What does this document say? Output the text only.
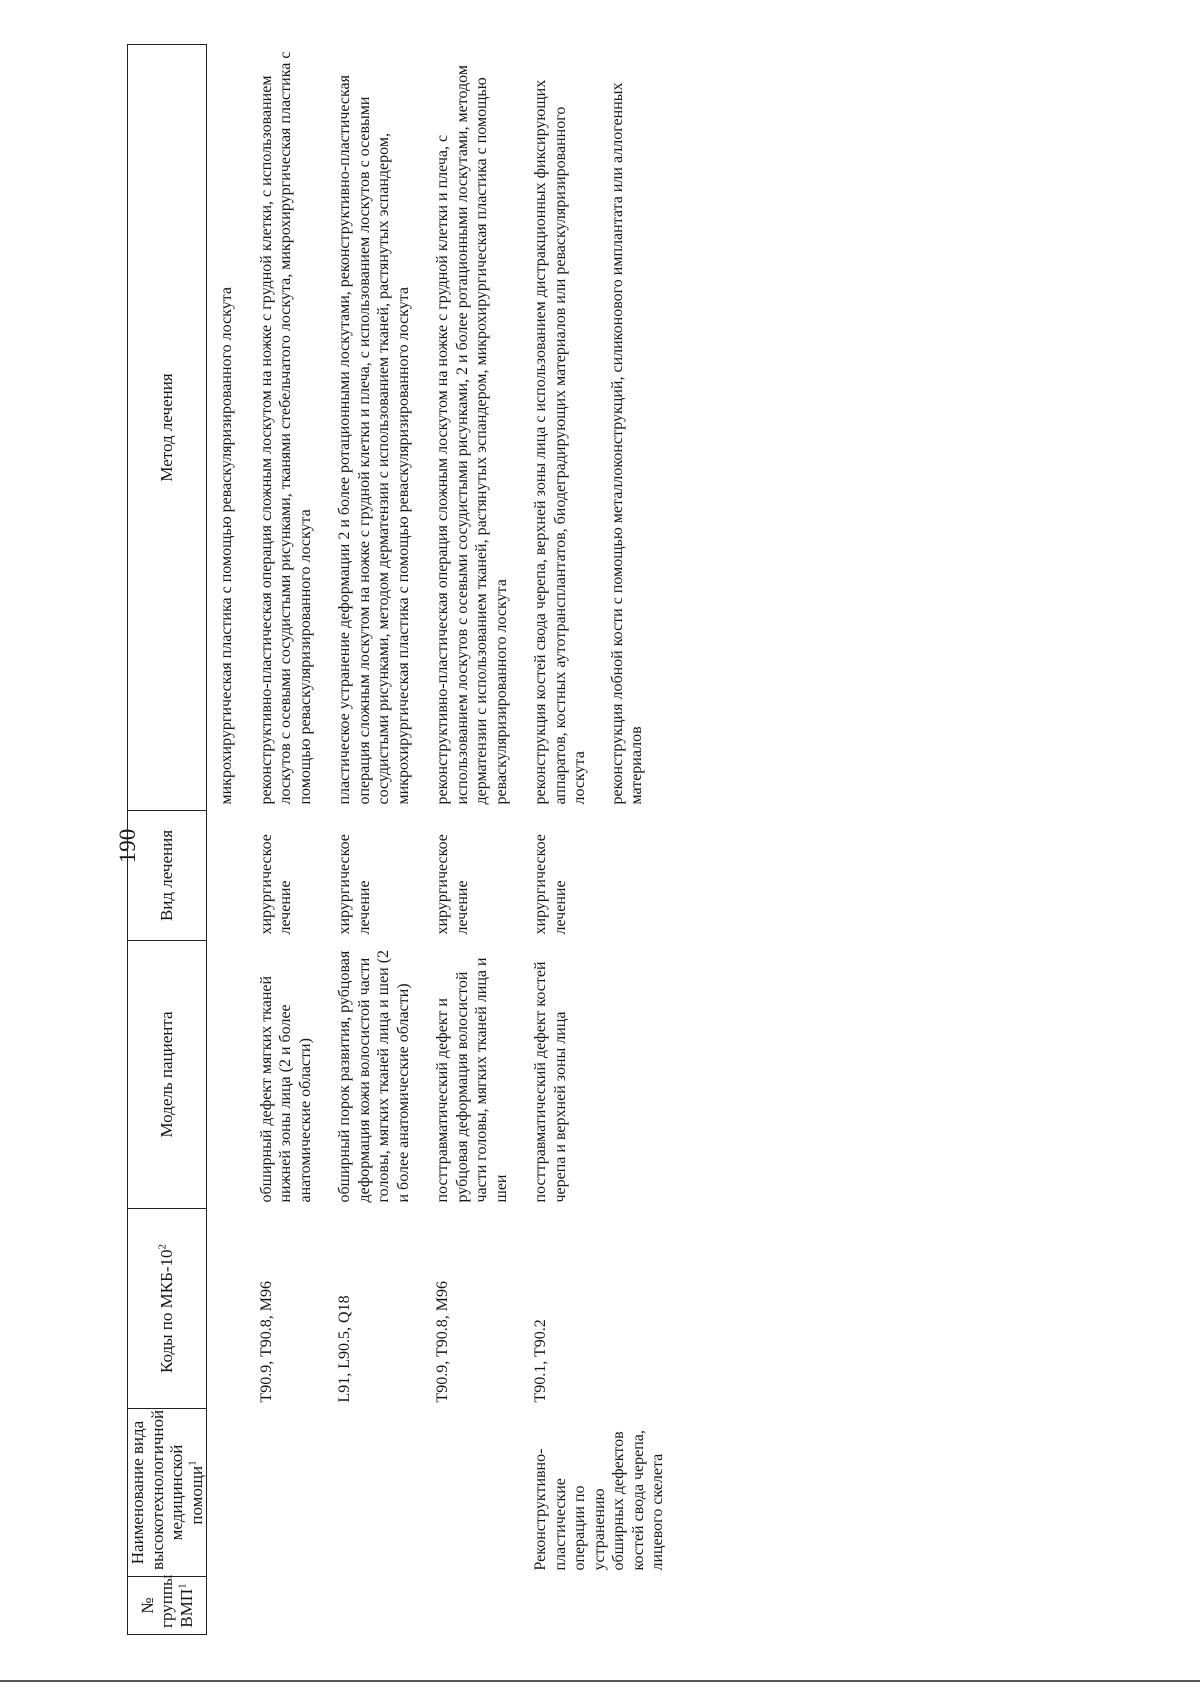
190
№ группы ВМП$^1$	Наименование вида высокотехнологичной медицинской помощи$^1$	Коды по МКБ-$10^2$	Модель пациента	Вид лечения	Метод лечения

					микрохирургическая пластика с помощью реваскуляризированного лоскута

		T90.9, T90.8, M96	обширный дефект мягких тканей нижней зоны лица (2 и более анатомические области)	хирургическое лечение	реконструктивно-пластическая операция сложным лоскутом на ножке с грудной клетки, с использованием лоскутов с осевыми сосудистыми рисунками, тканями стебельчатого лоскута, микрохирургическая пластика с помощью реваскуляризированного лоскута

		L91, L90.5, Q18	обширный порок развития, рубцовая деформация кожи волосистой части головы, мягких тканей лица и шеи (2 и более анатомические области)	хирургическое лечение	пластическое устранение деформации 2 и более ротационными лоскутами, реконструктивно-пластическая операция сложным лоскутом на ножке с грудной клетки и плеча, с использованием лоскутов с осевыми сосудистыми рисунками, методом дерматензии с использованием тканей, растянутых эспандером, микрохирургическая пластика с помощью реваскуляризированного лоскута

		T90.9, T90.8, M96	посттравматический дефект и рубцовая деформация волосистой части головы, мягких тканей лица и шеи	хирургическое лечение	реконструктивно-пластическая операция сложным лоскутом на ножке с грудной клетки и плеча, с использованием лоскутов с осевыми сосудистыми рисунками, 2 и более ротационными лоскутами, методом дерматензии с использованием тканей, растянутых эспандером, микрохирургическая пластика с помощью реваскуляризированного лоскута

	Реконструктивно-пластические операции по устранению обширных дефектов костей свода черепа, лицевого скелета	T90.1, T90.2	посттравматический дефект костей черепа и верхней зоны лица	хирургическое лечение	реконструкция костей свода черепа, верхней зоны лица с использованием дистракционных фиксирующих аппаратов, костных аутотрансплантатов, биодеградирующих материалов или реваскуляризированного лоскута реконструкция лобной кости с помощью металлоконструкций, силиконового имплантата или аллогенных материалов
